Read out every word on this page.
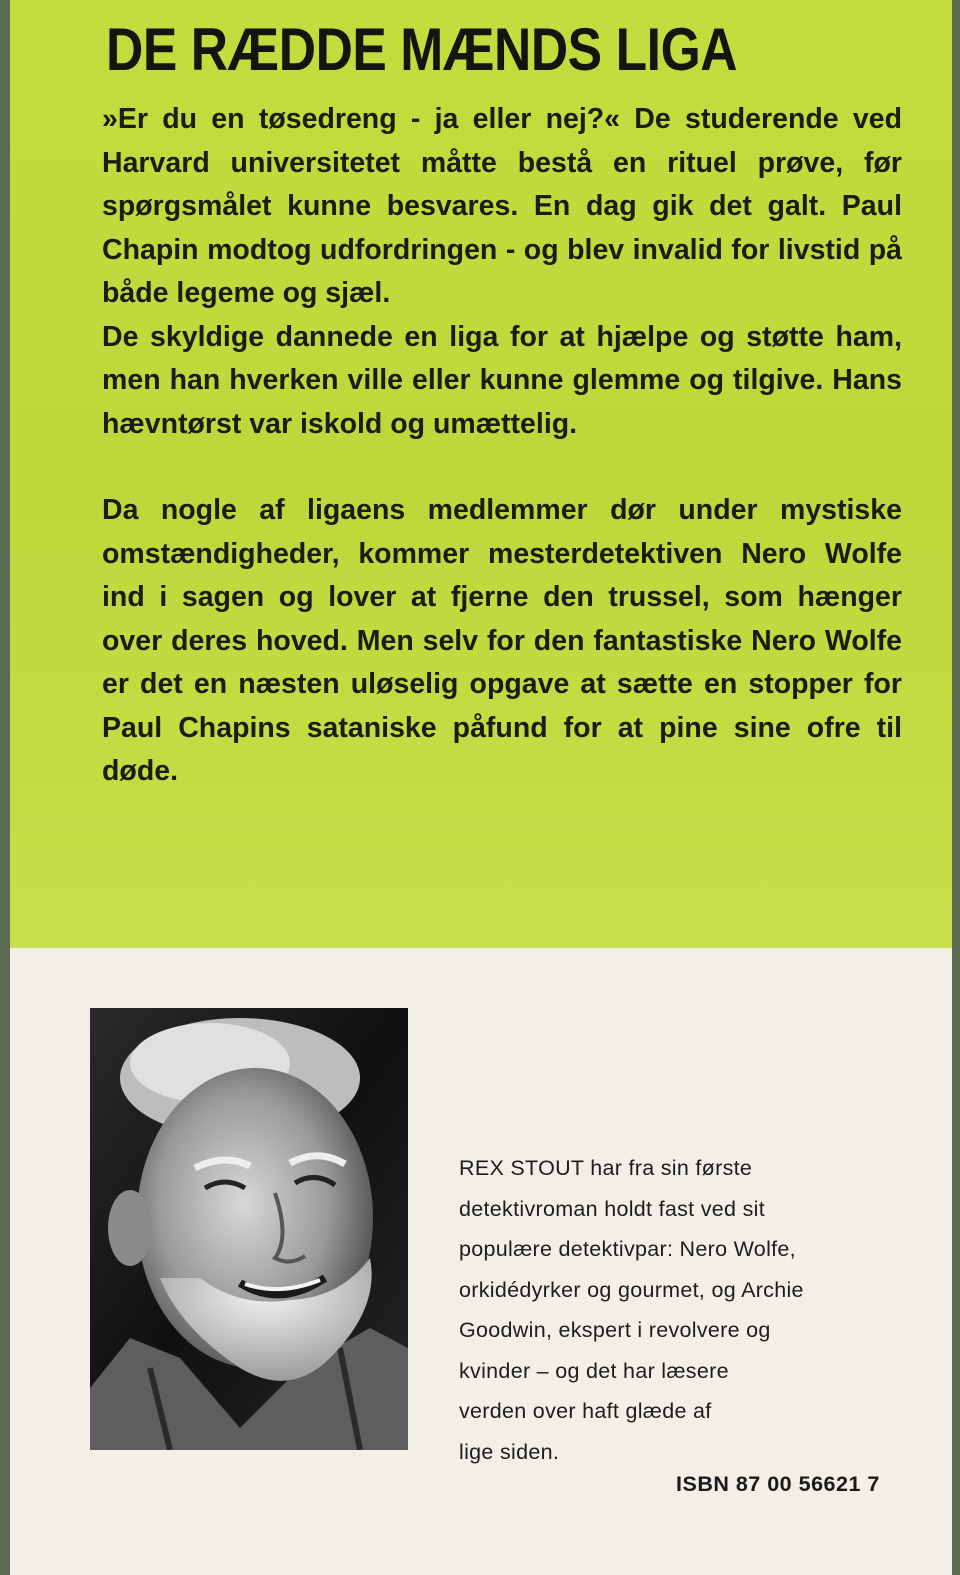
DE RÆDDE MÆNDS LIGA

»Er du en tøsedreng - ja eller nej?« De studerende ved Harvard universitetet måtte bestå en rituel prøve, før spørgsmålet kunne besvares. En dag gik det galt. Paul Chapin modtog udfordringen - og blev invalid for livstid på både legeme og sjæl.

De skyldige dannede en liga for at hjælpe og støtte ham, men han hverken ville eller kunne glemme og tilgive. Hans hævntørst var iskold og umættelig.

Da nogle af ligaens medlemmer dør under mystiske omstændigheder, kommer mesterdetektiven Nero Wolfe ind i sagen og lover at fjerne den trussel, som hænger over deres hoved. Men selv for den fantastiske Nero Wolfe er det en næsten uløselig opgave at sætte en stopper for Paul Chapins sataniske påfund for at pine sine ofre til døde.

REX STOUT har fra sin første
detektivroman holdt fast ved sit
populære detektivpar: Nero Wolfe,
orkidédyrker og gourmet, og Archie
Goodwin, ekspert i revolvere og
kvinder – og det har læsere
verden over haft glæde af
lige siden.
ISBN 87 00 56621 7
